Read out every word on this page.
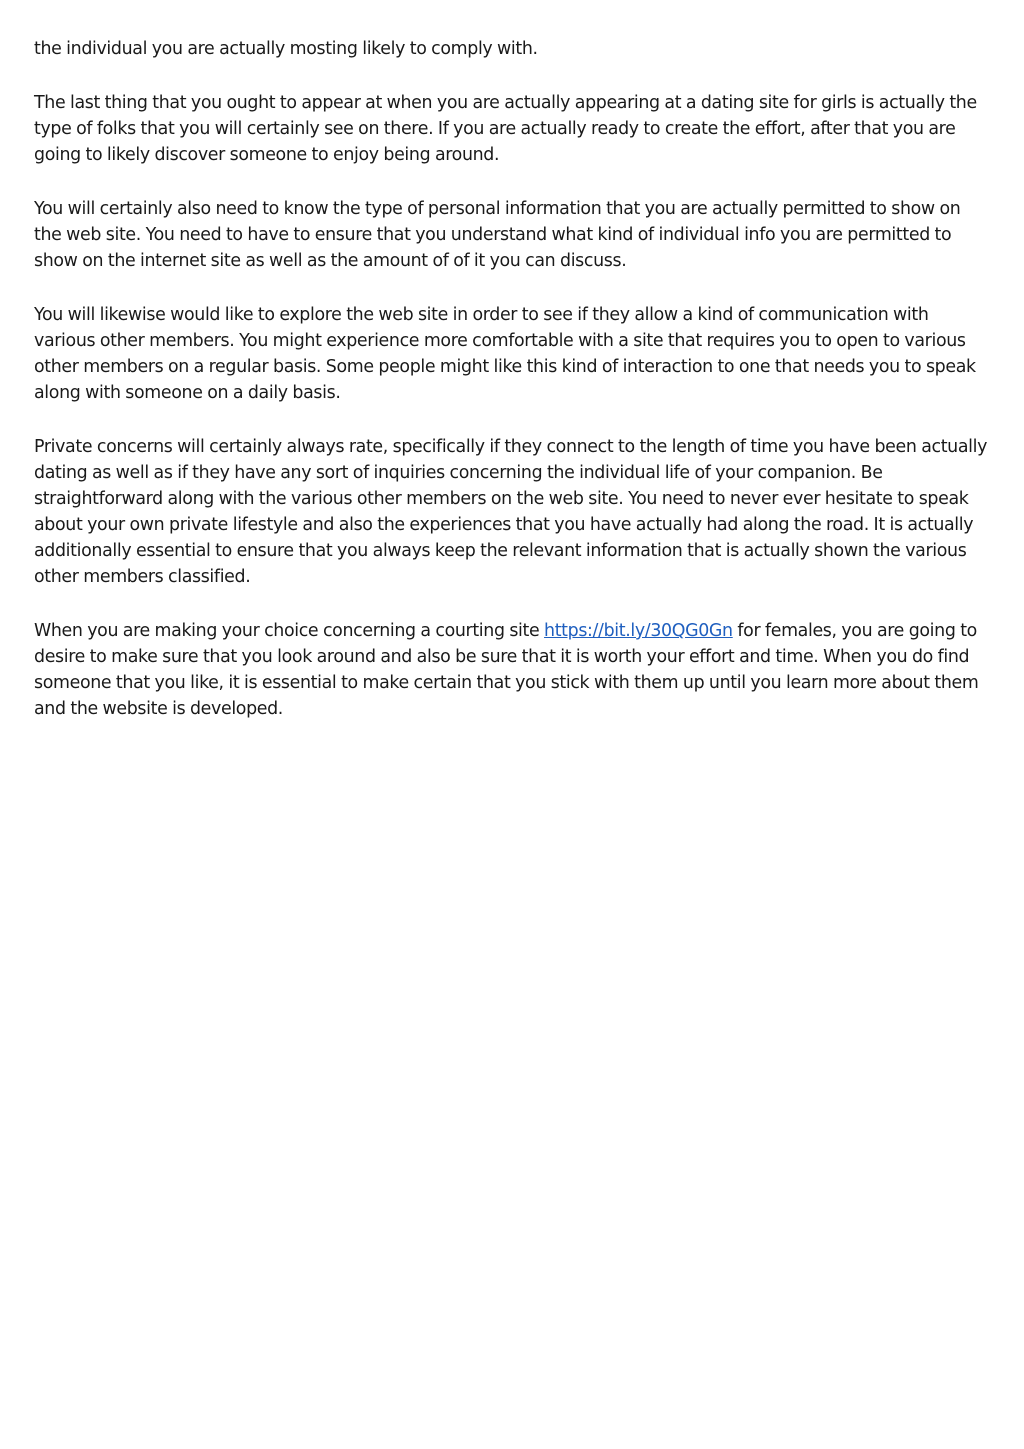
the individual you are actually mosting likely to comply with.

The last thing that you ought to appear at when you are actually appearing at a dating site for girls is actually the type of folks that you will certainly see on there. If you are actually ready to create the effort, after that you are going to likely discover someone to enjoy being around.

You will certainly also need to know the type of personal information that you are actually permitted to show on the web site. You need to have to ensure that you understand what kind of individual info you are permitted to show on the internet site as well as the amount of of it you can discuss.

You will likewise would like to explore the web site in order to see if they allow a kind of communication with various other members. You might experience more comfortable with a site that requires you to open to various other members on a regular basis. Some people might like this kind of interaction to one that needs you to speak along with someone on a daily basis.

Private concerns will certainly always rate, specifically if they connect to the length of time you have been actually dating as well as if they have any sort of inquiries concerning the individual life of your companion. Be straightforward along with the various other members on the web site. You need to never ever hesitate to speak about your own private lifestyle and also the experiences that you have actually had along the road. It is actually additionally essential to ensure that you always keep the relevant information that is actually shown the various other members classified.

When you are making your choice concerning a courting site https://bit.ly/30QG0Gn for females, you are going to desire to make sure that you look around and also be sure that it is worth your effort and time. When you do find someone that you like, it is essential to make certain that you stick with them up until you learn more about them and the website is developed.
